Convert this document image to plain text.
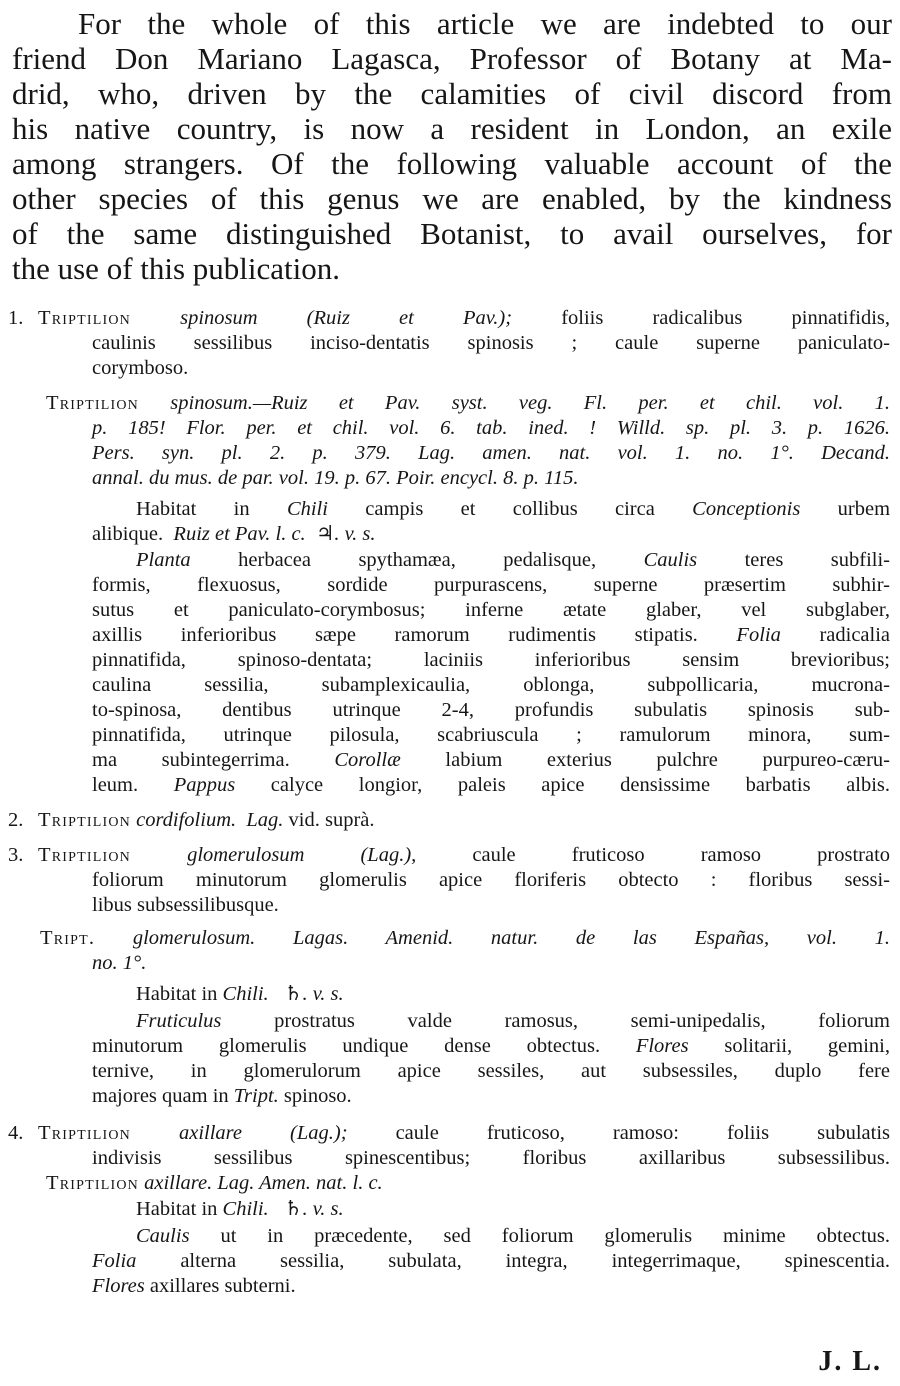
For the whole of this article we are indebted to our
friend Don Mariano Lagasca, Professor of Botany at Ma-
drid, who, driven by the calamities of civil discord from
his native country, is now a resident in London, an exile
among strangers. Of the following valuable account of the
other species of this genus we are enabled, by the kindness
of the same distinguished Botanist, to avail ourselves, for
the use of this publication.
1. Triptilion spinosum (Ruiz et Pav.); foliis radicalibus pinnatifidis,
caulinis sessilibus inciso-dentatis spinosis ; caule superne paniculato-
corymboso.
Triptilion spinosum.—Ruiz et Pav. syst. veg. Fl. per. et chil. vol. 1.
p. 185! Flor. per. et chil. vol. 6. tab. ined. ! Willd. sp. pl. 3. p. 1626.
Pers. syn. pl. 2. p. 379. Lag. amen. nat. vol. 1. no. 1°. Decand.
annal. du mus. de par. vol. 19. p. 67. Poir. encycl. 8. p. 115.
Habitat in Chili campis et collibus circa Conceptionis urbem
alibique. Ruiz et Pav. l. c. ♃. v. s.
Planta herbacea spythamæa, pedalisque, Caulis teres subfili-
formis, flexuosus, sordide purpurascens, superne præsertim subhir-
sutus et paniculato-corymbosus; inferne ætate glaber, vel subglaber,
axillis inferioribus sæpe ramorum rudimentis stipatis. Folia radicalia
pinnatifida, spinoso-dentata; laciniis inferioribus sensim brevioribus;
caulina sessilia, subamplexicaulia, oblonga, subpollicaria, mucrona-
to-spinosa, dentibus utrinque 2-4, profundis subulatis spinosis sub-
pinnatifida, utrinque pilosula, scabriuscula ; ramulorum minora, sum-
ma subintegerrima. Corollæ labium exterius pulchre purpureo-cæru-
leum. Pappus calyce longior, paleis apice densissime barbatis albis.
2. Triptilion cordifolium. Lag. vid. suprà.
3. Triptilion	glomerulosum (Lag.),	caule fruticoso ramoso prostrato
foliorum minutorum glomerulis apice floriferis obtecto : floribus sessi-
libus subsessilibusque.
Tript. glomerulosum. Lagas. Amenid. natur. de las Españas, vol. 1.
no. 1°.
Habitat in Chili. ♄. v. s.
Fruticulus prostratus valde ramosus, semi-unipedalis, foliorum
minutorum glomerulis undique dense obtectus. Flores solitarii, gemini,
ternive, in glomerulorum apice sessiles, aut subsessiles, duplo fere
majores quam in Tript. spinoso.
4. Triptilion axillare (Lag.); caule fruticoso, ramoso: foliis subulatis
indivisis sessilibus spinescentibus; floribus axillaribus subsessilibus.
Triptilion axillare. Lag. Amen. nat. l. c.
Habitat in Chili. ♄. v. s.
Caulis ut in præcedente, sed foliorum glomerulis minime obtectus.
Folia alterna sessilia, subulata, integra, integerrimaque, spinescentia.
Flores axillares subterni.
J. L.
